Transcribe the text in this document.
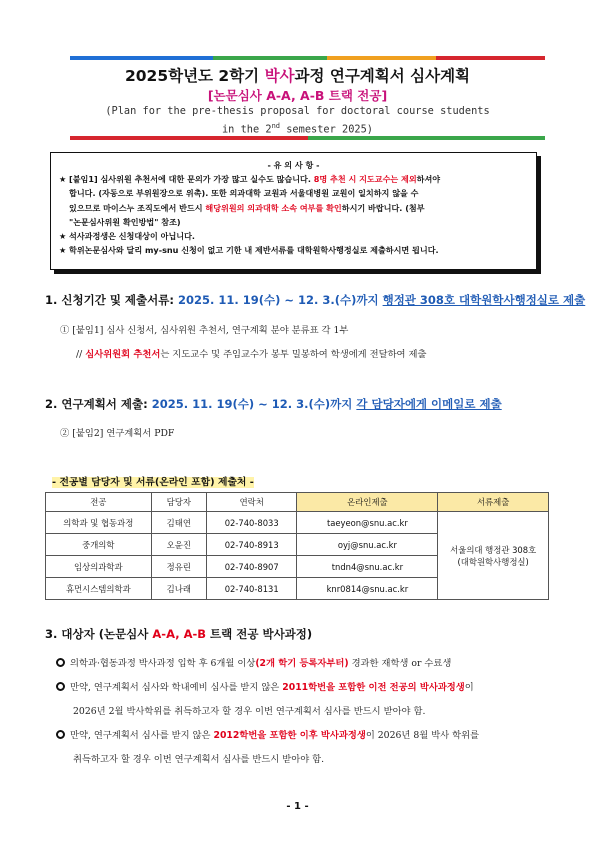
2025학년도 2학기 박사과정 연구계획서 심사계획
[논문심사 A-A, A-B 트랙 전공]
(Plan for the pre-thesis proposal for doctoral course students
in the 2nd semester 2025)
- 유 의 사 항 -
★ [붙임1] 심사위원 추천서에 대한 문의가 가장 많고 실수도 많습니다. 8명 추천 시 지도교수는 제외하셔야
합니다. (자동으로 부위원장으로 위촉). 또한 의과대학 교원과 서울대병원 교원이 일치하지 않을 수
있으므로 마이스누 조직도에서 반드시 해당위원의 의과대학 소속 여부를 확인하시기 바랍니다. (첨부
"논문심사위원 확인방법" 참조)
★ 석사과정생은 신청대상이 아닙니다.
★ 학위논문심사와 달리 my-snu 신청이 없고 기한 내 제반서류를 대학원학사행정실로 제출하시면 됩니다.
1. 신청기간 및 제출서류: 2025. 11. 19(수) ~ 12. 3.(수)까지 행정관 308호 대학원학사행정실로 제출
① [붙임1] 심사 신청서, 심사위원 추천서, 연구계획 분야 분류표 각 1부
// 심사위원회 추천서는 지도교수 및 주임교수가 봉투 밀봉하여 학생에게 전달하여 제출
2. 연구계획서 제출: 2025. 11. 19(수) ~ 12. 3.(수)까지 각 담당자에게 이메일로 제출
② [붙임2] 연구계획서 PDF
- 전공별 담당자 및 서류(온라인 포함) 제출처 -
전공	담당자	연락처	온라인제출	서류제출
의학과 및 협동과정	김태연	02-740-8033	taeyeon@snu.ac.kr	서울의대 행정관 308호
(대학원학사행정실)

중개의학	오윤진	02-740-8913	oyj@snu.ac.kr	
임상의과학과	정유린	02-740-8907	tndn4@snu.ac.kr	
휴먼시스템의학과	김나래	02-740-8131	knr0814@snu.ac.kr	
3. 대상자 (논문심사 A-A, A-B 트랙 전공 박사과정)
의학과·협동과정 박사과정 입학 후 6개월 이상(2개 학기 등록자부터) 경과한 재학생 or 수료생
만약, 연구계획서 심사와 학내예비 심사를 받지 않은 2011학번을 포함한 이전 전공의 박사과정생이
2026년 2월 박사학위를 취득하고자 할 경우 이번 연구계획서 심사를 반드시 받아야 함.
만약, 연구계획서 심사를 받지 않은 2012학번을 포함한 이후 박사과정생이 2026년 8월 박사 학위를
취득하고자 할 경우 이번 연구계획서 심사를 반드시 받아야 함.
- 1 -
